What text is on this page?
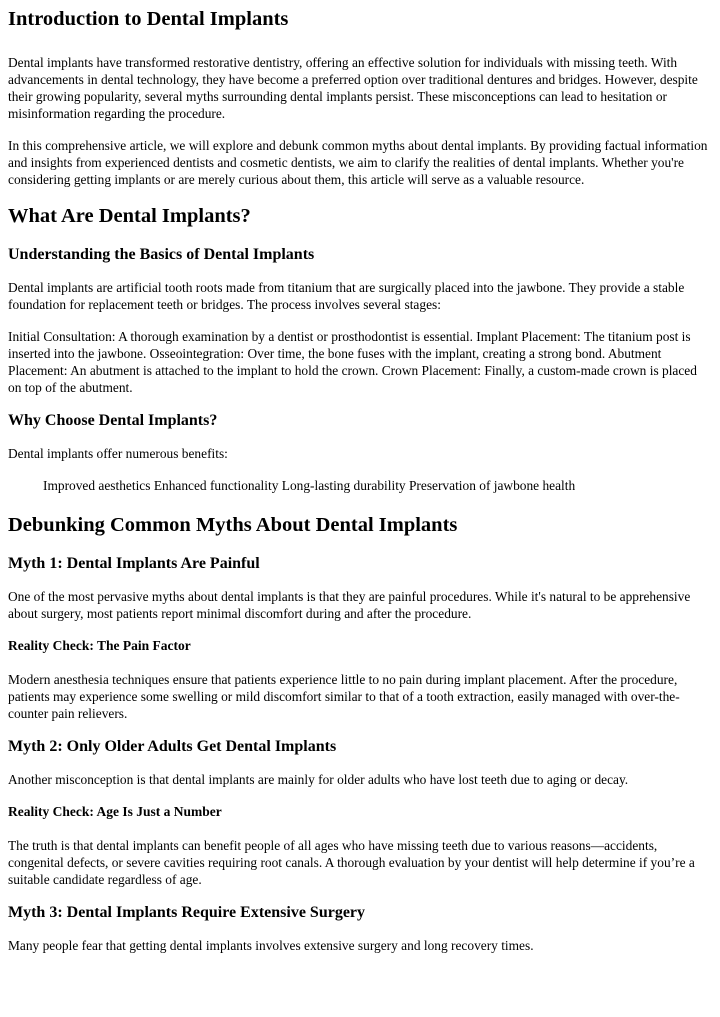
Introduction to Dental Implants

Dental implants have transformed restorative dentistry, offering an effective solution for individuals with missing teeth. With advancements in dental technology, they have become a preferred option over traditional dentures and bridges. However, despite their growing popularity, several myths surrounding dental implants persist. These misconceptions can lead to hesitation or misinformation regarding the procedure.

In this comprehensive article, we will explore and debunk common myths about dental implants. By providing factual information and insights from experienced dentists and cosmetic dentists, we aim to clarify the realities of dental implants. Whether you're considering getting implants or are merely curious about them, this article will serve as a valuable resource.

What Are Dental Implants?
Understanding the Basics of Dental Implants

Dental implants are artificial tooth roots made from titanium that are surgically placed into the jawbone. They provide a stable foundation for replacement teeth or bridges. The process involves several stages:

Initial Consultation: A thorough examination by a dentist or prosthodontist is essential. Implant Placement: The titanium post is inserted into the jawbone. Osseointegration: Over time, the bone fuses with the implant, creating a strong bond. Abutment Placement: An abutment is attached to the implant to hold the crown. Crown Placement: Finally, a custom-made crown is placed on top of the abutment.

Why Choose Dental Implants?

Dental implants offer numerous benefits:

Improved aesthetics Enhanced functionality Long-lasting durability Preservation of jawbone health
Debunking Common Myths About Dental Implants
Myth 1: Dental Implants Are Painful

One of the most pervasive myths about dental implants is that they are painful procedures. While it's natural to be apprehensive about surgery, most patients report minimal discomfort during and after the procedure.

Reality Check: The Pain Factor

Modern anesthesia techniques ensure that patients experience little to no pain during implant placement. After the procedure, patients may experience some swelling or mild discomfort similar to that of a tooth extraction, easily managed with over-the-counter pain relievers.

Myth 2: Only Older Adults Get Dental Implants

Another misconception is that dental implants are mainly for older adults who have lost teeth due to aging or decay.

Reality Check: Age Is Just a Number

The truth is that dental implants can benefit people of all ages who have missing teeth due to various reasons—accidents, congenital defects, or severe cavities requiring root canals. A thorough evaluation by your dentist will help determine if you’re a suitable candidate regardless of age.

Myth 3: Dental Implants Require Extensive Surgery

Many people fear that getting dental implants involves extensive surgery and long recovery times.
